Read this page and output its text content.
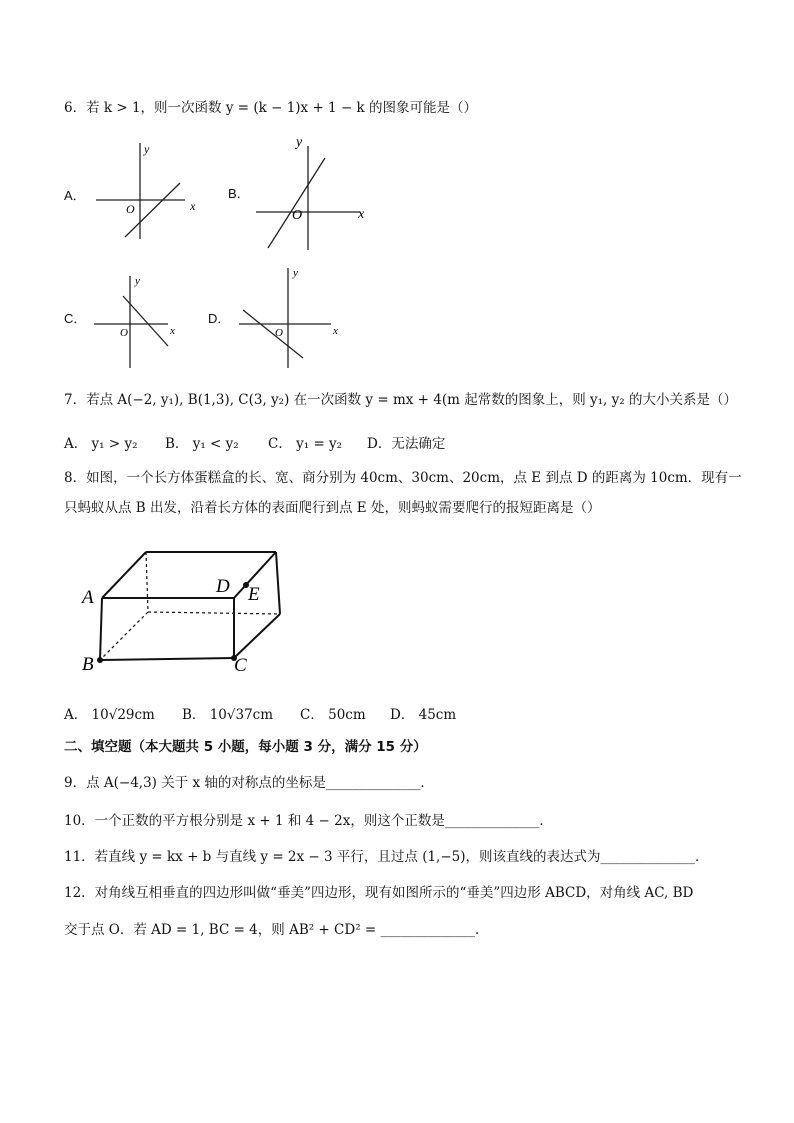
6．若 k > 1，则一次函数 y = (k − 1)x + 1 − k 的图象可能是（）
A．
y
x
O
B．
y
x
O
C．
y
x
O
D．
y
x
O
7．若点 A(−2, y₁), B(1,3), C(3, y₂) 在一次函数 y = mx + 4(m 起常数的图象上，则 y₁, y₂ 的大小关系是（）
A． y₁ > y₂ B． y₁ < y₂ C． y₁ = y₂ D．无法确定
8．如图，一个长方体蛋糕盒的长、宽、商分别为 40cm、30cm、20cm，点 E 到点 D 的距离为 10cm．现有一
只蚂蚁从点 B 出发，沿着长方体的表面爬行到点 E 处，则蚂蚁需要爬行的报短距离是（）
A
B	C
D E
A． 10√29cm B． 10√37cm C． 50cm D． 45cm
二、填空题（本大题共 5 小题，每小题 3 分，满分 15 分）
9．点 A(−4,3) 关于 x 轴的对称点的坐标是______________．
10．一个正数的平方根分别是 x + 1 和 4 − 2x，则这个正数是______________．
11．若直线 y = kx + b 与直线 y = 2x − 3 平行，且过点 (1,−5)，则该直线的表达式为______________．
12．对角线互相垂直的四边形叫做“垂美”四边形，现有如图所示的“垂美”四边形 ABCD，对角线 AC, BD
交于点 O．若 AD = 1, BC = 4，则 AB² + CD² = ______________．
